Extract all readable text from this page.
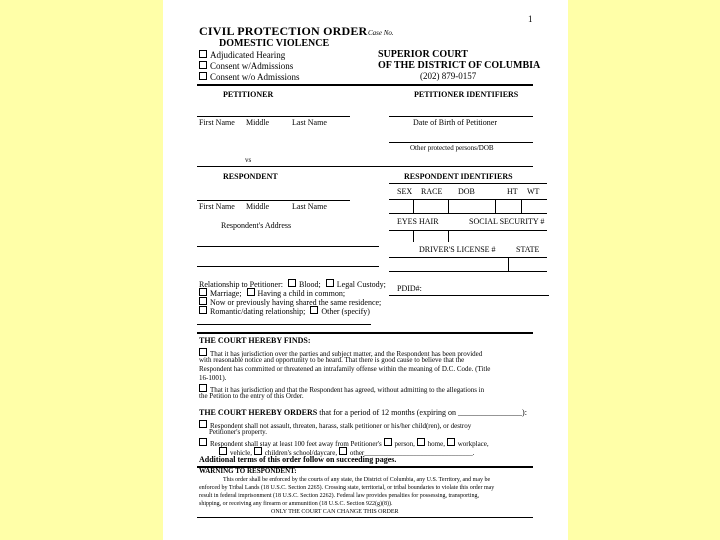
1
CIVIL PROTECTION ORDER Case No.
DOMESTIC VIOLENCE
Adjudicated Hearing
Consent w/Admissions
Consent w/o Admissions
SUPERIOR COURT
OF THE DISTRICT OF COLUMBIA
(202) 879-0157
PETITIONER	PETITIONER IDENTIFIERS
First Name Middle	Last Name	Date of Birth of Petitioner
Other protected persons/DOB
vs
RESPONDENT	RESPONDENT IDENTIFIERS
SEX RACE DOB	HT WT
EYES HAIR	SOCIAL SECURITY #
DRIVER'S LICENSE #	STATE
PDID#:
First Name Middle	Last Name
Respondent's Address
Relationship to Petitioner: Blood; Legal Custody;
Marriage; Having a child in common;
Now or previously having shared the same residence;
Romantic/dating relationship; Other (specify)
THE COURT HEREBY FINDS:
That it has jurisdiction over the parties and subject matter, and the Respondent has been provided
with reasonable notice and opportunity to be heard. That there is good cause to believe that the
Respondent has committed or threatened an intrafamily offense within the meaning of D.C. Code. (Title
16-1001).
That it has jurisdiction and that the Respondent has agreed, without admitting to the allegations in
the Petition to the entry of this Order.
THE COURT HEREBY ORDERS that for a period of 12 months (expiring on ________________):
Respondent shall not assault, threaten, harass, stalk petitioner or his/her child(ren), or destroy
Petitioner's property.
Respondent shall stay at least 100 feet away from Petitioner's person, home, workplace,
vehicle, children's school/daycare, other_______________________________.
Additional terms of this order follow on succeeding pages.
WARNING TO RESPONDENT:
This order shall be enforced by the courts of any state, the District of Columbia, any U.S. Territory, and may be
enforced by Tribal Lands (18 U.S.C. Section 2265). Crossing state, territorial, or tribal boundaries to violate this order may
result in federal imprisonment (18 U.S.C. Section 2262). Federal law provides penalties for possessing, transporting,
shipping, or receiving any firearm or ammunition (18 U.S.C. Section 922(g)(8)).
ONLY THE COURT CAN CHANGE THIS ORDER
